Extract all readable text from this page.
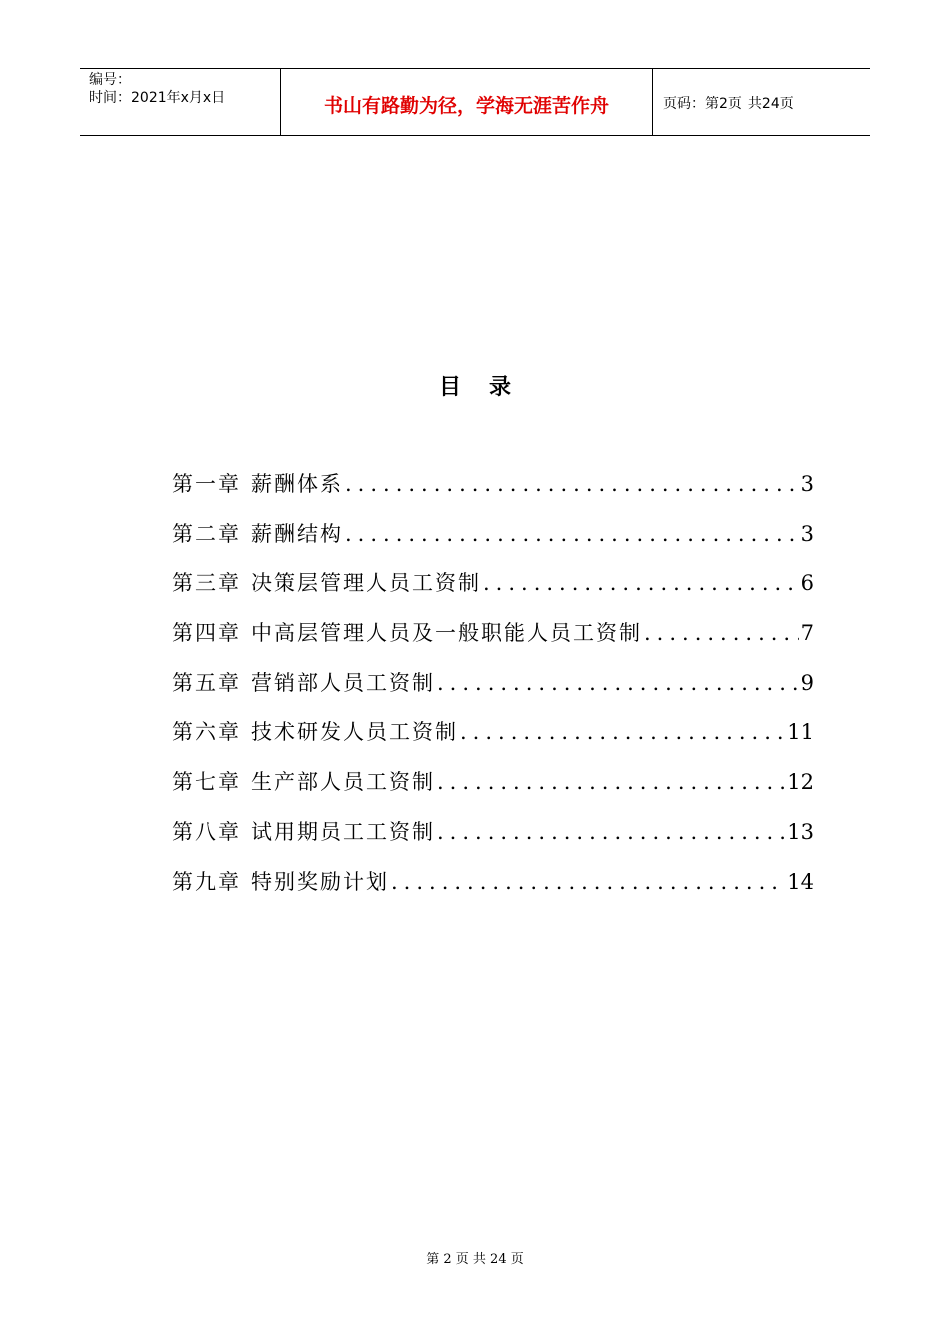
编号：
时间：2021年x月x日	书山有路勤为径，学海无涯苦作舟	页码：第2页 共24页
目录
第一章 薪酬体系 .....	3
第二章 薪酬结构 .....	3
第三章 决策层管理人员工资制 .....	6
第四章 中高层管理人员及一般职能人员工资制 .....	7
第五章 营销部人员工资制 .....	9
第六章 技术研发人员工资制 .....	11
第七章 生产部人员工资制 .....	12
第八章 试用期员工工资制 .....	13
第九章 特别奖励计划 .....	14
第 2 页 共 24 页
